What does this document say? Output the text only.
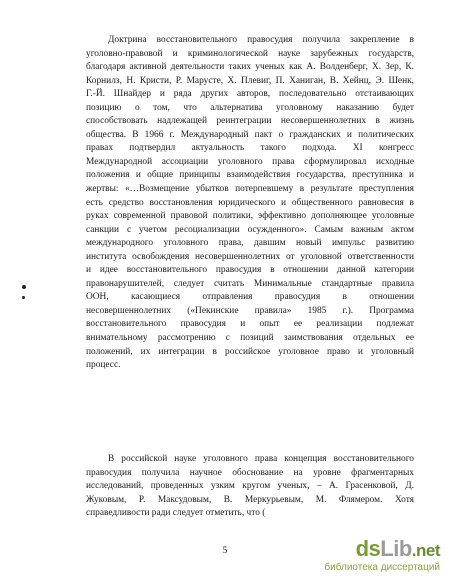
Доктрина восстановительного правосудия получила закрепление в
уголовно-правовой и криминологической науке зарубежных государств,
благодаря активной деятельности таких ученых как А. Волденберг, Х. Зер, К.
Корнилз, Н. Кристи, Р. Марусте, Х. Плевиг, П. Ханиган, В. Хейнц, Э. Шенк,
Г.-Й. Шнайдер и ряда других авторов, последовательно отстаивающих
позицию о том, что альтернатива уголовному наказанию будет
способствовать надлежащей реинтеграции несовершеннолетних в жизнь
общества. В 1966 г. Международный пакт о гражданских и политических
правах подтвердил актуальность такого подхода. XI конгресс
Международной ассоциации уголовного права сформулировал исходные
положения и общие принципы взаимодействия государства, преступника и
жертвы: «…Возмещение убытков потерпевшему в результате преступления
есть средство восстановления юридического и общественного равновесия в
руках современной правовой политики, эффективно дополняющее уголовные
санкции с учетом ресоциализации осужденного». Самым важным актом
международного уголовного права, давшим новый импульс развитию
института освобождения несовершеннолетних от уголовной ответственности
и идее восстановительного правосудия в отношении данной категории
правонарушителей, следует считать Минимальные стандартные правила
ООН, касающиеся отправления правосудия в отношении
несовершеннолетних («Пекинские правила» 1985 г.). Программа
восстановительного правосудия и опыт ее реализации подлежат
внимательному рассмотрению с позиций заимствования отдельных ее
положений, их интеграции в российское уголовное право и уголовный
процесс.
В российской науке уголовного права концепция восстановительного
правосудия получила научное обоснование на уровне фрагментарных
исследований, проведенных узким кругом ученых, – А. Грасенковой, Д.
Жуковым, Р. Максудовым, В. Меркурьевым, М. Флямером. Хотя
справедливости ради следует отметить, что (
5	dsLib.net
библиотека диссертаций
